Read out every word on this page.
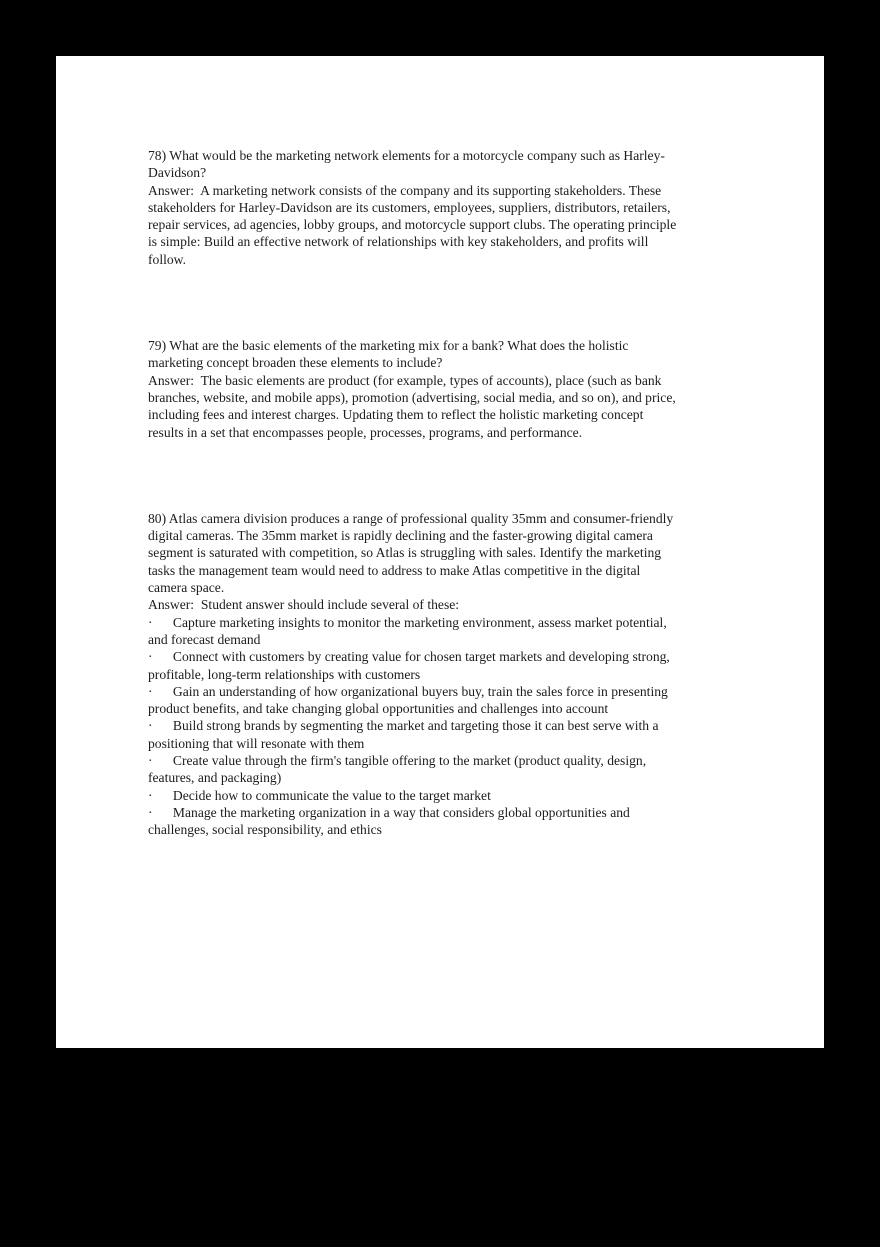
78) What would be the marketing network elements for a motorcycle company such as Harley-
Davidson?
Answer:  A marketing network consists of the company and its supporting stakeholders. These
stakeholders for Harley-Davidson are its customers, employees, suppliers, distributors, retailers,
repair services, ad agencies, lobby groups, and motorcycle support clubs. The operating principle
is simple: Build an effective network of relationships with key stakeholders, and profits will
follow.
79) What are the basic elements of the marketing mix for a bank? What does the holistic
marketing concept broaden these elements to include?
Answer:  The basic elements are product (for example, types of accounts), place (such as bank
branches, website, and mobile apps), promotion (advertising, social media, and so on), and price,
including fees and interest charges. Updating them to reflect the holistic marketing concept
results in a set that encompasses people, processes, programs, and performance.
80) Atlas camera division produces a range of professional quality 35mm and consumer-friendly
digital cameras. The 35mm market is rapidly declining and the faster-growing digital camera
segment is saturated with competition, so Atlas is struggling with sales. Identify the marketing
tasks the management team would need to address to make Atlas competitive in the digital
camera space.
Answer:  Student answer should include several of these:
·      Capture marketing insights to monitor the marketing environment, assess market potential,
and forecast demand
·      Connect with customers by creating value for chosen target markets and developing strong,
profitable, long-term relationships with customers
·      Gain an understanding of how organizational buyers buy, train the sales force in presenting
product benefits, and take changing global opportunities and challenges into account
·      Build strong brands by segmenting the market and targeting those it can best serve with a
positioning that will resonate with them
·      Create value through the firm's tangible offering to the market (product quality, design,
features, and packaging)
·      Decide how to communicate the value to the target market
·      Manage the marketing organization in a way that considers global opportunities and
challenges, social responsibility, and ethics
